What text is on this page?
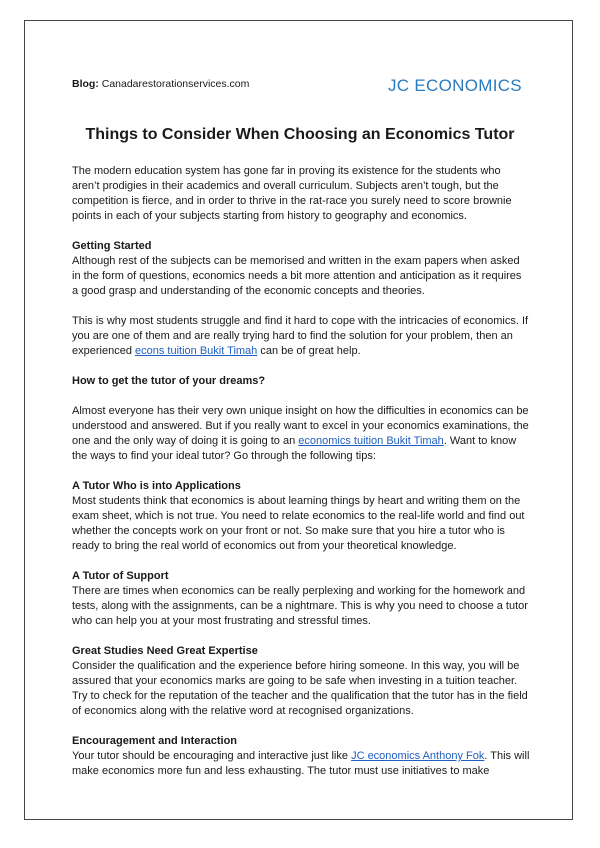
Blog: Canadarestorationservices.com	JC ECONOMICS
Things to Consider When Choosing an Economics Tutor

The modern education system has gone far in proving its existence for the students who aren’t prodigies in their academics and overall curriculum. Subjects aren’t tough, but the competition is fierce, and in order to thrive in the rat-race you surely need to score brownie points in each of your subjects starting from history to geography and economics.

Getting Started

Although rest of the subjects can be memorised and written in the exam papers when asked in the form of questions, economics needs a bit more attention and anticipation as it requires a good grasp and understanding of the economic concepts and theories.

This is why most students struggle and find it hard to cope with the intricacies of economics. If you are one of them and are really trying hard to find the solution for your problem, then an experienced econs tuition Bukit Timah can be of great help.

How to get the tutor of your dreams?

Almost everyone has their very own unique insight on how the difficulties in economics can be understood and answered. But if you really want to excel in your economics examinations, the one and the only way of doing it is going to an economics tuition Bukit Timah. Want to know the ways to find your ideal tutor? Go through the following tips:

A Tutor Who is into Applications

Most students think that economics is about learning things by heart and writing them on the exam sheet, which is not true. You need to relate economics to the real-life world and find out whether the concepts work on your front or not. So make sure that you hire a tutor who is ready to bring the real world of economics out from your theoretical knowledge.

A Tutor of Support

There are times when economics can be really perplexing and working for the homework and tests, along with the assignments, can be a nightmare. This is why you need to choose a tutor who can help you at your most frustrating and stressful times.

Great Studies Need Great Expertise

Consider the qualification and the experience before hiring someone. In this way, you will be assured that your economics marks are going to be safe when investing in a tuition teacher. Try to check for the reputation of the teacher and the qualification that the tutor has in the field of economics along with the relative word at recognised organizations.

Encouragement and Interaction

Your tutor should be encouraging and interactive just like JC economics Anthony Fok. This will make economics more fun and less exhausting. The tutor must use initiatives to make
